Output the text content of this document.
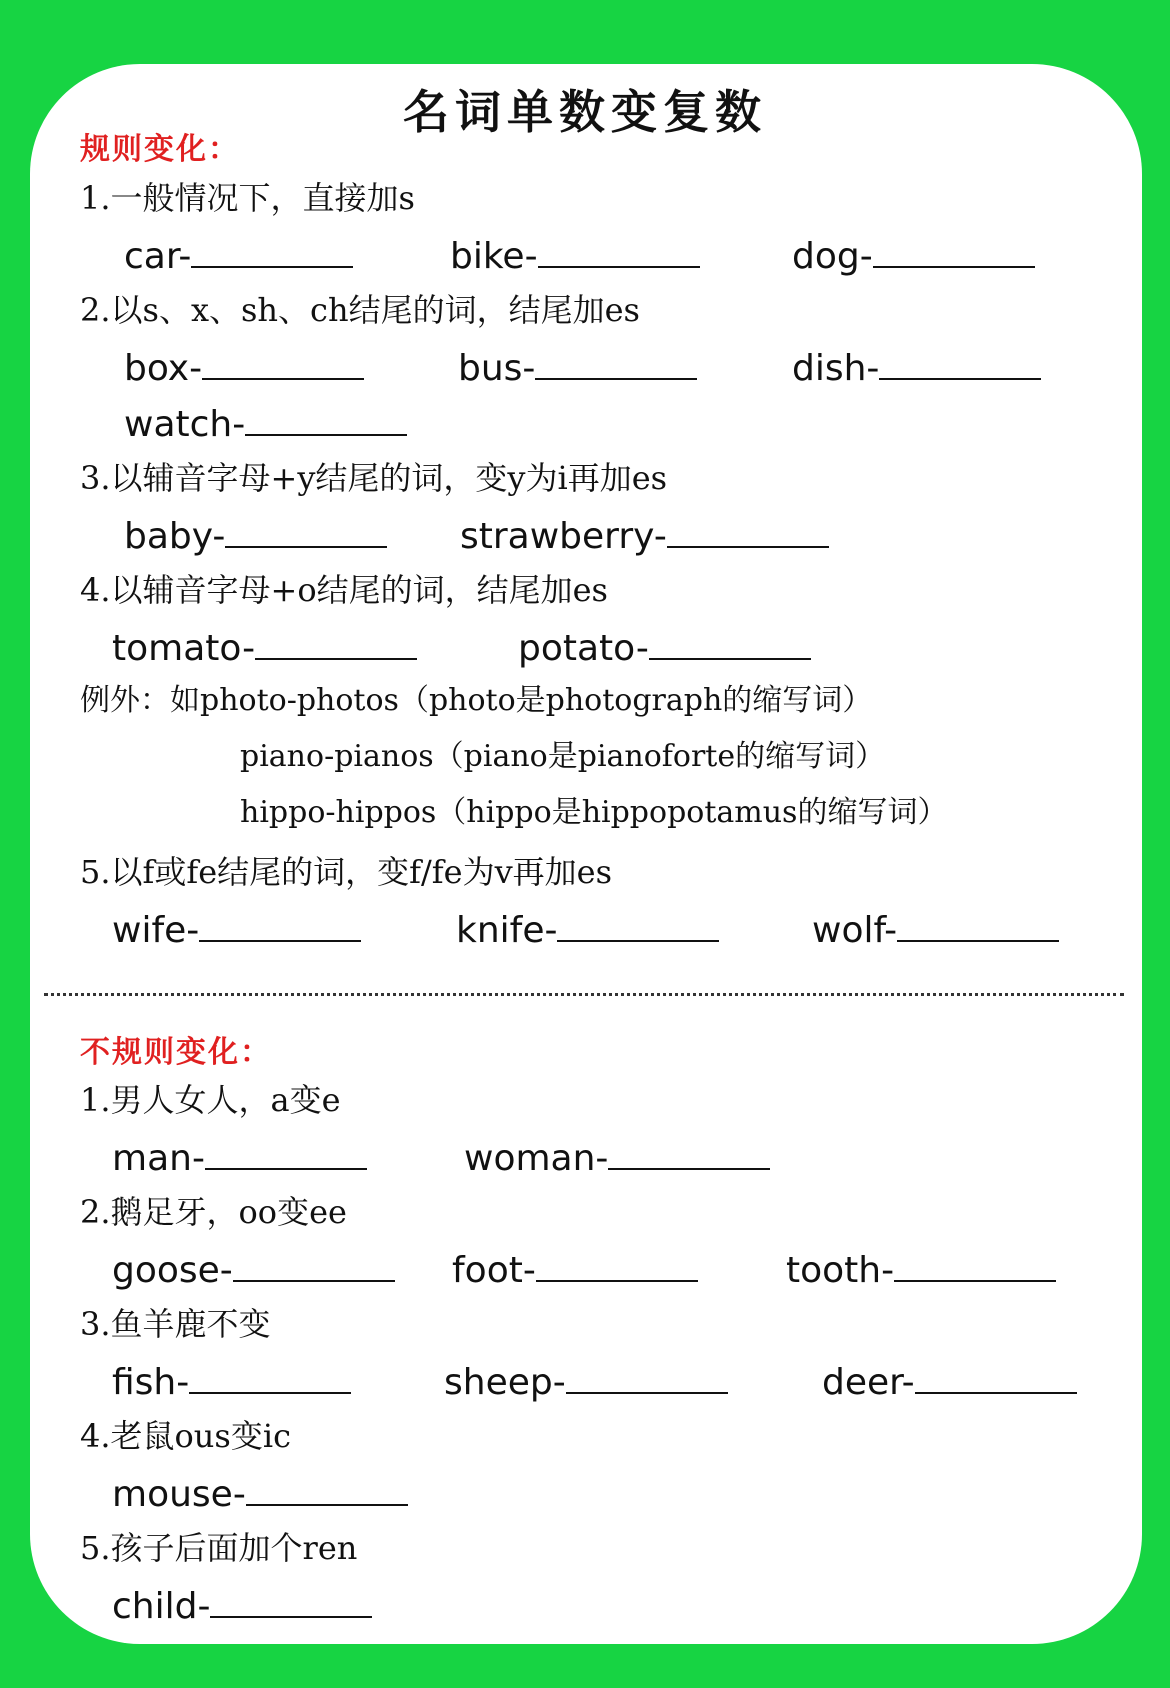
名词单数变复数
规则变化：
1.一般情况下，直接加s
car-	bike-	dog-
2.以s、x、sh、ch结尾的词，结尾加es
box-	bus-	dish-
watch-
3.以辅音字母+y结尾的词，变y为i再加es
baby-	strawberry-
4.以辅音字母+o结尾的词，结尾加es
tomato-	potato-
例外：如photo-photos（photo是photograph的缩写词）
piano-pianos（piano是pianoforte的缩写词）
hippo-hippos（hippo是hippopotamus的缩写词）
5.以f或fe结尾的词，变f/fe为v再加es
wife-	knife-	wolf-
不规则变化：
1.男人女人，a变e
man-	woman-
2.鹅足牙，oo变ee
goose-	foot-	tooth-
3.鱼羊鹿不变
fish-	sheep-	deer-
4.老鼠ous变ic
mouse-
5.孩子后面加个ren
child-
